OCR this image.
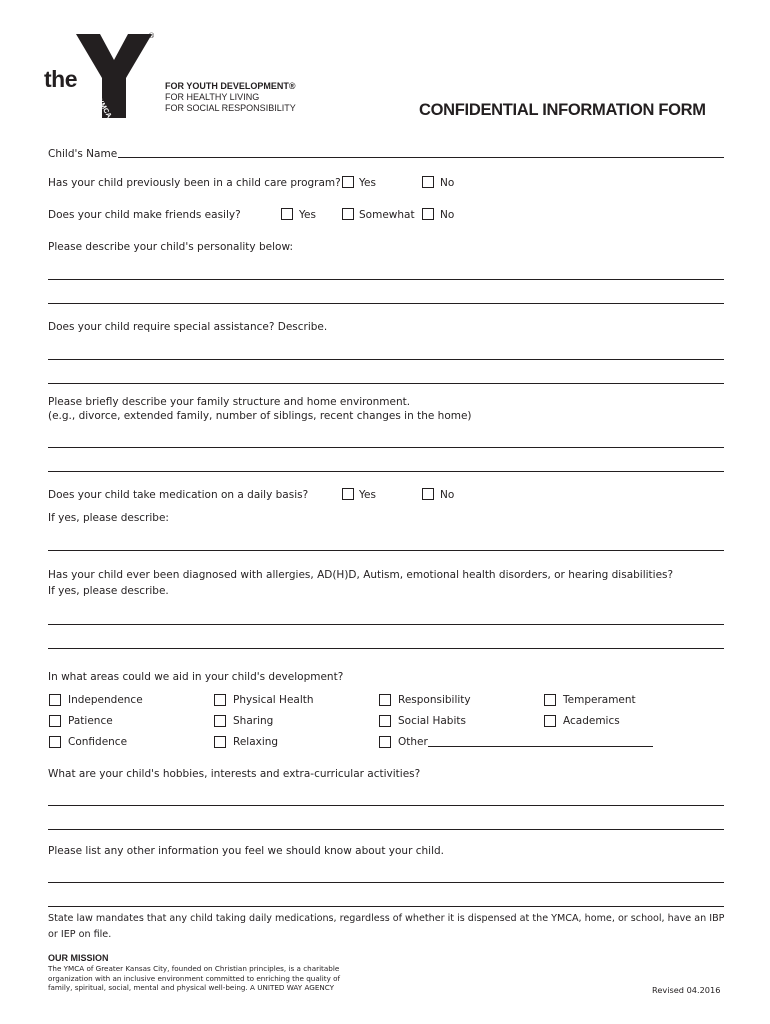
the
YMCA
®
FOR YOUTH DEVELOPMENT®
FOR HEALTHY LIVING
FOR SOCIAL RESPONSIBILITY	CONFIDENTIAL INFORMATION FORM
Child's Name
Has your child previously been in a child care program? Yes	No
Does your child make friends easily?	Yes	Somewhat No
Please describe your child's personality below:
Does your child require special assistance? Describe.
Please briefly describe your family structure and home environment.
(e.g., divorce, extended family, number of siblings, recent changes in the home)
Does your child take medication on a daily basis?	Yes	No
If yes, please describe:
Has your child ever been diagnosed with allergies, AD(H)D, Autism, emotional health disorders, or hearing disabilities?
If yes, please describe.
In what areas could we aid in your child's development?
Independence	Physical Health	Responsibility	Temperament
Patience	Sharing	Social Habits	Academics
Confidence	Relaxing	Other
What are your child's hobbies, interests and extra-curricular activities?
Please list any other information you feel we should know about your child.
State law mandates that any child taking daily medications, regardless of whether it is dispensed at the YMCA, home, or school, have an IBP
or IEP on file.
OUR MISSION
The YMCA of Greater Kansas City, founded on Christian principles, is a charitable
organization with an inclusive environment committed to enriching the quality of
family, spiritual, social, mental and physical well-being. A UNITED WAY AGENCY	Revised 04.2016
